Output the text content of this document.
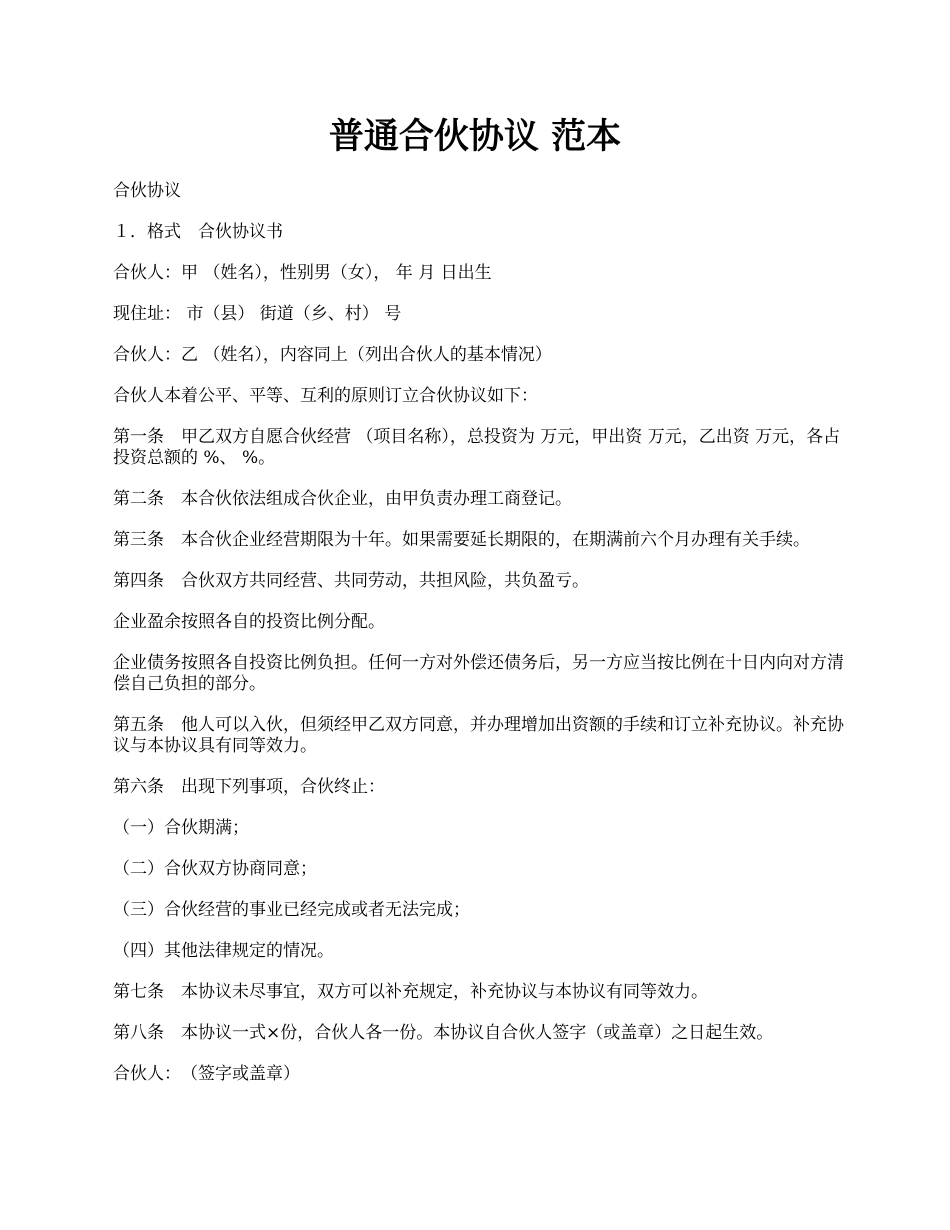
普通合伙协议 范本

合伙协议

１．格式　合伙协议书

合伙人：甲 （姓名），性别男（女）， 年 月 日出生

现住址： 市（县） 街道（乡、村） 号

合伙人：乙 （姓名），内容同上（列出合伙人的基本情况）

合伙人本着公平、平等、互利的原则订立合伙协议如下：

第一条　甲乙双方自愿合伙经营 （项目名称），总投资为 万元，甲出资 万元，乙出资 万元，各占投资总额的 %、 %。

第二条　本合伙依法组成合伙企业，由甲负责办理工商登记。

第三条　本合伙企业经营期限为十年。如果需要延长期限的，在期满前六个月办理有关手续。

第四条　合伙双方共同经营、共同劳动，共担风险，共负盈亏。

企业盈余按照各自的投资比例分配。

企业债务按照各自投资比例负担。任何一方对外偿还债务后，另一方应当按比例在十日内向对方清偿自己负担的部分。

第五条　他人可以入伙，但须经甲乙双方同意，并办理增加出资额的手续和订立补充协议。补充协议与本协议具有同等效力。

第六条　出现下列事项，合伙终止：

（一）合伙期满；

（二）合伙双方协商同意；

（三）合伙经营的事业已经完成或者无法完成；

（四）其他法律规定的情况。

第七条　本协议未尽事宜，双方可以补充规定，补充协议与本协议有同等效力。

第八条　本协议一式×份，合伙人各一份。本协议自合伙人签字（或盖章）之日起生效。

合伙人：　（签字或盖章）
